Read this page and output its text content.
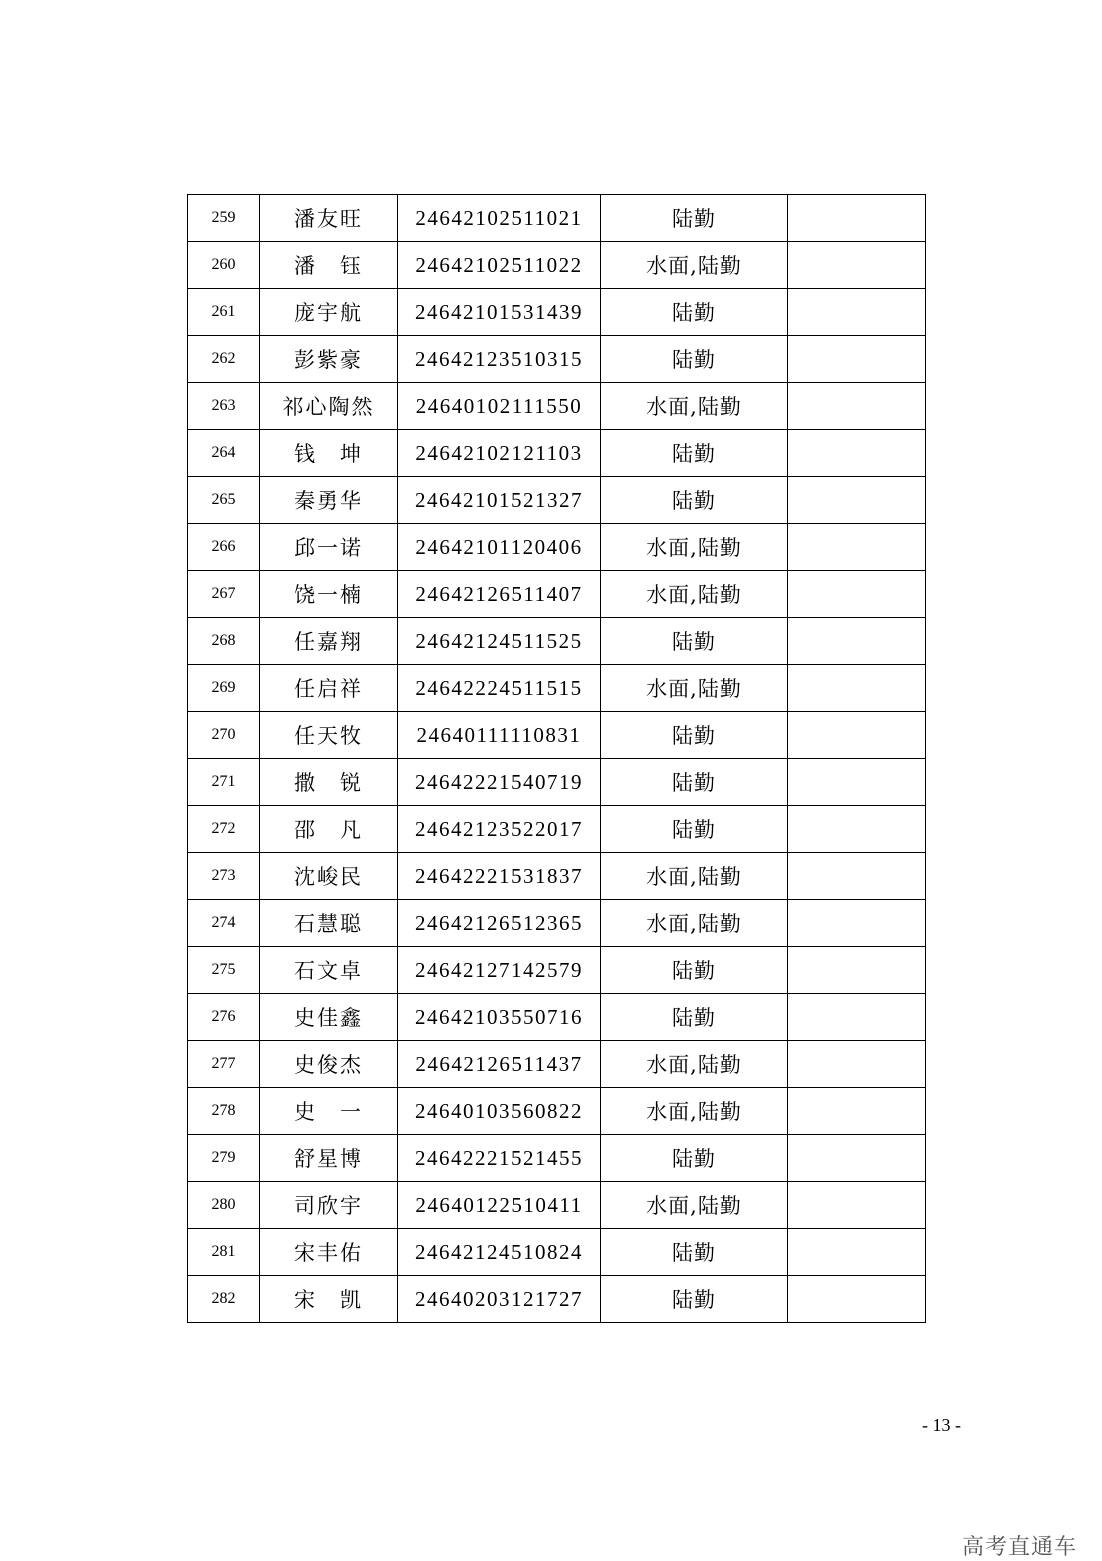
259	潘友旺	24642102511021	陆勤	
260	潘　钰	24642102511022	水面,陆勤	
261	庞宇航	24642101531439	陆勤	
262	彭紫豪	24642123510315	陆勤	
263	祁心陶然	24640102111550	水面,陆勤	
264	钱　坤	24642102121103	陆勤	
265	秦勇华	24642101521327	陆勤	
266	邱一诺	24642101120406	水面,陆勤	
267	饶一楠	24642126511407	水面,陆勤	
268	任嘉翔	24642124511525	陆勤	
269	任启祥	24642224511515	水面,陆勤	
270	任天牧	24640111110831	陆勤	
271	撒　锐	24642221540719	陆勤	
272	邵　凡	24642123522017	陆勤	
273	沈峻民	24642221531837	水面,陆勤	
274	石慧聪	24642126512365	水面,陆勤	
275	石文卓	24642127142579	陆勤	
276	史佳鑫	24642103550716	陆勤	
277	史俊杰	24642126511437	水面,陆勤	
278	史　一	24640103560822	水面,陆勤	
279	舒星博	24642221521455	陆勤	
280	司欣宇	24640122510411	水面,陆勤	
281	宋丰佑	24642124510824	陆勤	
282	宋　凯	24640203121727	陆勤	
- 13 -
高考直通车
